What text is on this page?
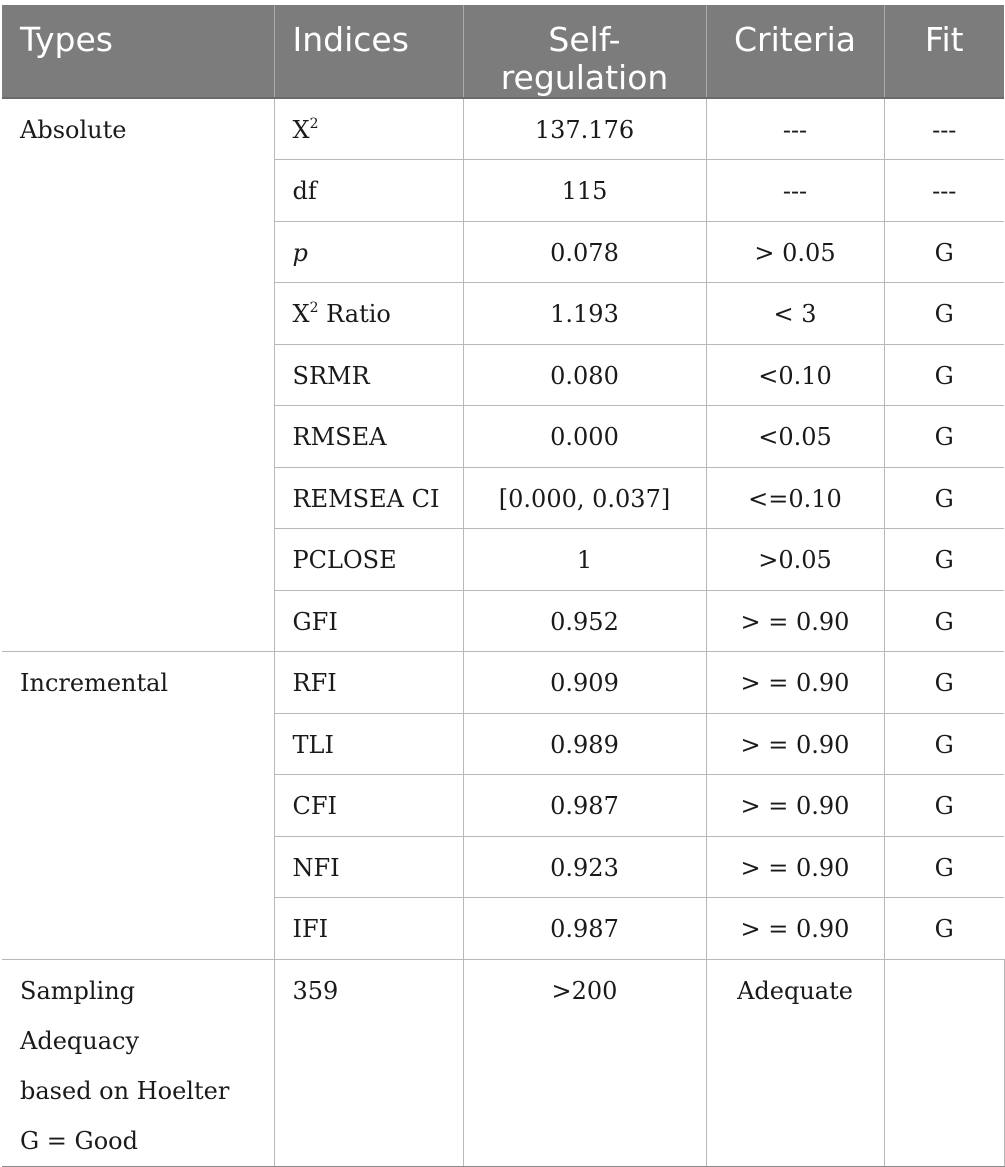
Types	Indices	Self-regulation	Criteria	Fit
Absolute	$X^2$	137.176	---	---
	df	115	---	---
	p	0.078	> 0.05	G
	$X^2$ Ratio	1.193	< 3	G
	SRMR	0.080	<0.10	G
	RMSEA	0.000	<0.05	G
	REMSEA CI	[0.000, 0.037]	<=0.10	G
	PCLOSE	1	>0.05	G
	GFI	0.952	> = 0.90	G
Incremental	RFI	0.909	> = 0.90	G
	TLI	0.989	> = 0.90	G
	CFI	0.987	> = 0.90	G
	NFI	0.923	> = 0.90	G
	IFI	0.987	> = 0.90	G

Sampling Adequacy
based on Hoelter
G = Good	359	>200	Adequate	
